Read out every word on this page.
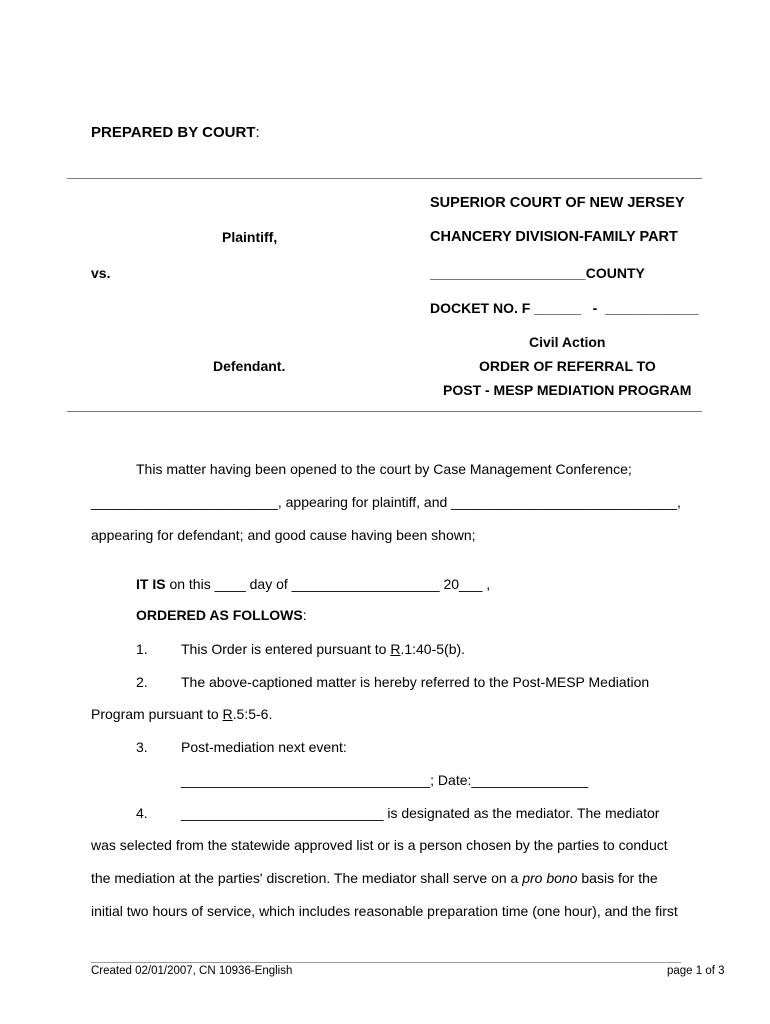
PREPARED BY COURT:
SUPERIOR COURT OF NEW JERSEY
Plaintiff,	CHANCERY DIVISION-FAMILY PART
vs.	____________________COUNTY
DOCKET NO. F ______ - ____________
Civil Action
Defendant.	ORDER OF REFERRAL TO
POST - MESP MEDIATION PROGRAM
This matter having been opened to the court by Case Management Conference;
________________________, appearing for plaintiff, and _____________________________,
appearing for defendant; and good cause having been shown;
IT IS on this ____ day of ___________________ 20___ ,
ORDERED AS FOLLOWS:
1. This Order is entered pursuant to R.1:40-5(b).
2. The above-captioned matter is hereby referred to the Post-MESP Mediation
Program pursuant to R.5:5-6.
3. Post-mediation next event:
________________________________; Date:_______________
4. __________________________ is designated as the mediator. The mediator
was selected from the statewide approved list or is a person chosen by the parties to conduct
the mediation at the parties' discretion. The mediator shall serve on a pro bono basis for the
initial two hours of service, which includes reasonable preparation time (one hour), and the first
Created 02/01/2007, CN 10936-English	page 1 of 3
